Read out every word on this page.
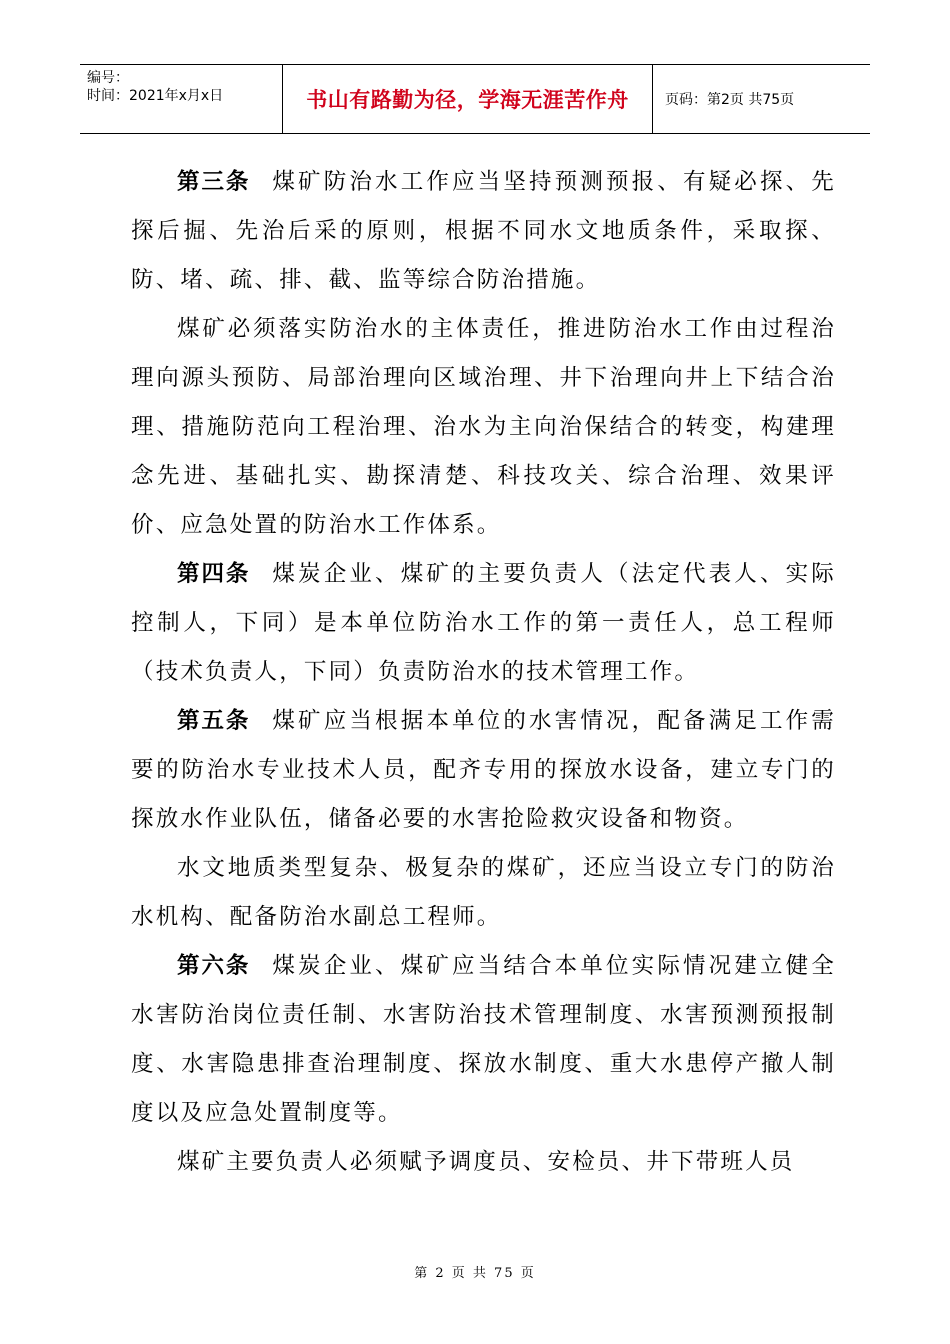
编号：
时间：2021年x月x日	书山有路勤为径，学海无涯苦作舟	页码：第2页 共75页

第三条 煤矿防治水工作应当坚持预测预报、有疑必探、先探后掘、先治后采的原则，根据不同水文地质条件，采取探、防、堵、疏、排、截、监等综合防治措施。

煤矿必须落实防治水的主体责任，推进防治水工作由过程治理向源头预防、局部治理向区域治理、井下治理向井上下结合治理、措施防范向工程治理、治水为主向治保结合的转变，构建理念先进、基础扎实、勘探清楚、科技攻关、综合治理、效果评价、应急处置的防治水工作体系。

第四条 煤炭企业、煤矿的主要负责人（法定代表人、实际控制人，下同）是本单位防治水工作的第一责任人，总工程师（技术负责人，下同）负责防治水的技术管理工作。

第五条 煤矿应当根据本单位的水害情况，配备满足工作需要的防治水专业技术人员，配齐专用的探放水设备，建立专门的探放水作业队伍，储备必要的水害抢险救灾设备和物资。

水文地质类型复杂、极复杂的煤矿，还应当设立专门的防治水机构、配备防治水副总工程师。

第六条 煤炭企业、煤矿应当结合本单位实际情况建立健全水害防治岗位责任制、水害防治技术管理制度、水害预测预报制度、水害隐患排查治理制度、探放水制度、重大水患停产撤人制度以及应急处置制度等。

煤矿主要负责人必须赋予调度员、安检员、井下带班人员

第 2 页 共 75 页
